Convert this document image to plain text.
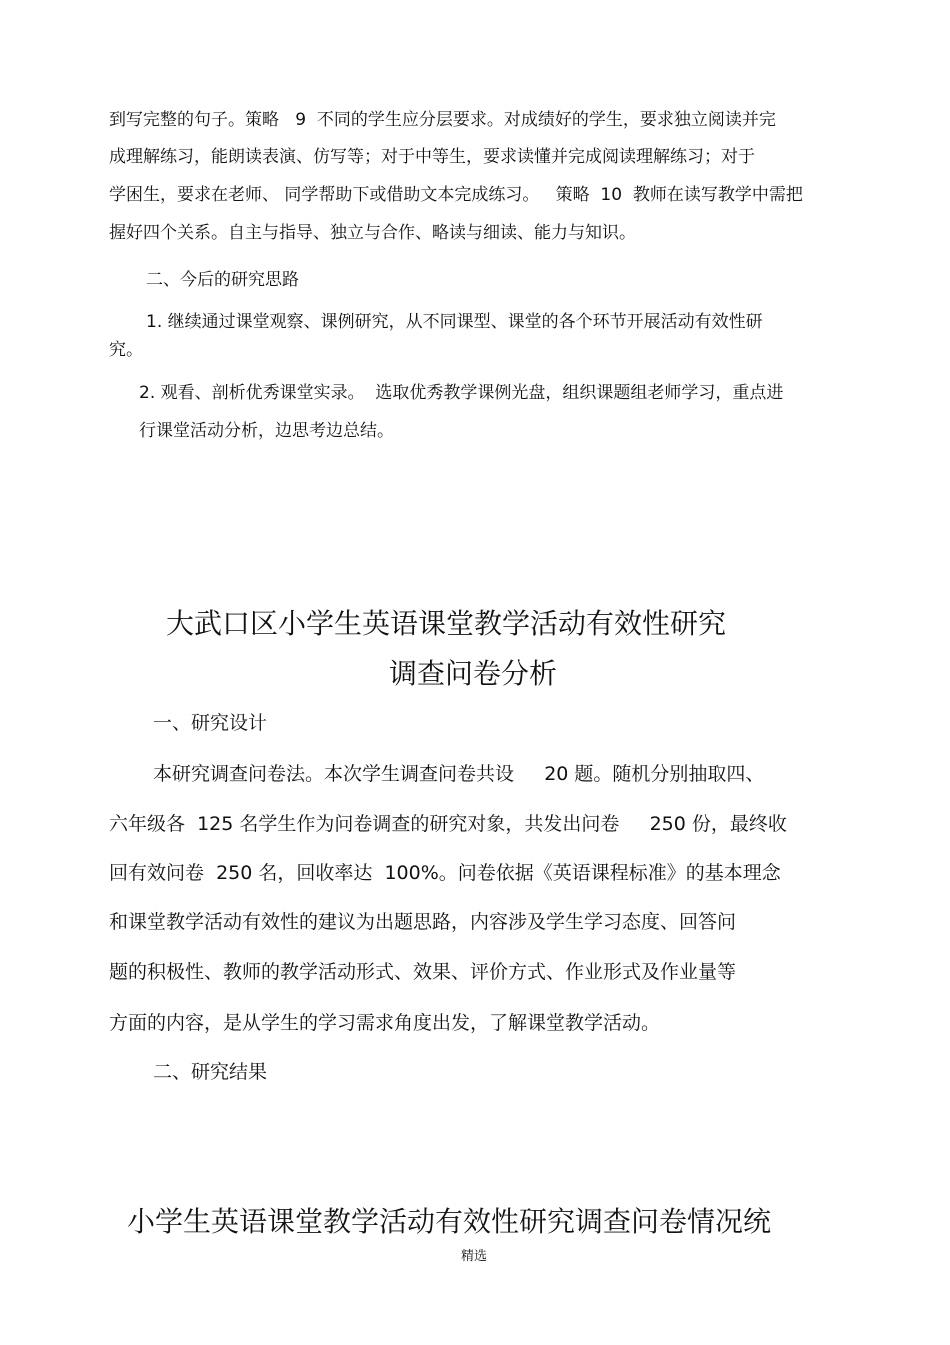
到写完整的句子。策略   9  不同的学生应分层要求。对成绩好的学生，要求独立阅读并完
成理解练习，能朗读表演、仿写等；对于中等生，要求读懂并完成阅读理解练习；对于
学困生，要求在老师、 同学帮助下或借助文本完成练习。   策略  10  教师在读写教学中需把
握好四个关系。自主与指导、独立与合作、略读与细读、能力与知识。
二、今后的研究思路
1. 继续通过课堂观察、课例研究，从不同课型、课堂的各个环节开展活动有效性研
究。
2. 观看、剖析优秀课堂实录。  选取优秀教学课例光盘，组织课题组老师学习，重点进
行课堂活动分析，边思考边总结。
大武口区小学生英语课堂教学活动有效性研究
调查问卷分析
一、研究设计
本研究调查问卷法。本次学生调查问卷共设     20 题。随机分别抽取四、
六年级各  125 名学生作为问卷调查的研究对象，共发出问卷     250 份，最终收
回有效问卷  250 名，回收率达  100%。问卷依据《英语课程标准》的基本理念
和课堂教学活动有效性的建议为出题思路，内容涉及学生学习态度、回答问
题的积极性、教师的教学活动形式、效果、评价方式、作业形式及作业量等
方面的内容，是从学生的学习需求角度出发，了解课堂教学活动。
二、研究结果
小学生英语课堂教学活动有效性研究调查问卷情况统
精选
